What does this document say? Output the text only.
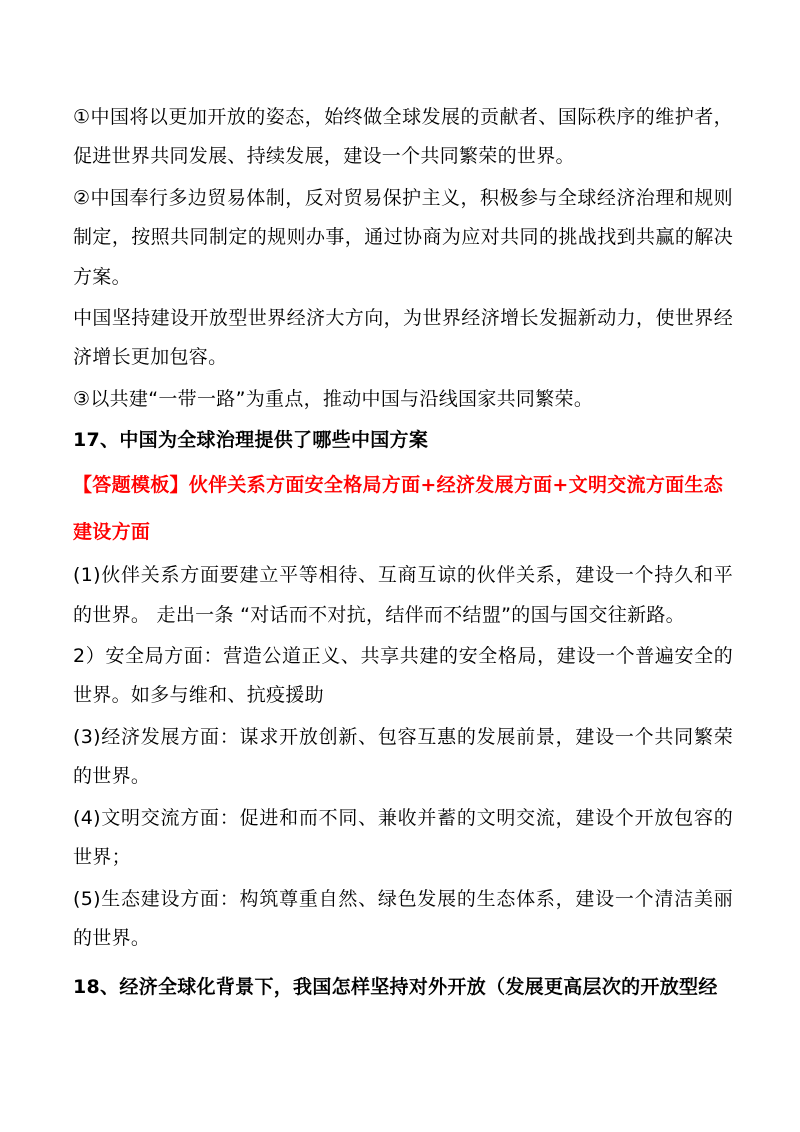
①中国将以更加开放的姿态，始终做全球发展的贡献者、国际秩序的维护者，促进世界共同发展、持续发展，建设一个共同繁荣的世界。

②中国奉行多边贸易体制，反对贸易保护主义，积极参与全球经济治理和规则制定，按照共同制定的规则办事，通过协商为应对共同的挑战找到共赢的解决方案。

中国坚持建设开放型世界经济大方向，为世界经济增长发掘新动力，使世界经济增长更加包容。

③以共建“一带一路”为重点，推动中国与沿线国家共同繁荣。

17、中国为全球治理提供了哪些中国方案

【答题模板】伙伴关系方面安全格局方面+经济发展方面+文明交流方面生态建设方面

(1)伙伴关系方面要建立平等相待、互商互谅的伙伴关系，建设一个持久和平的世界。 走出一条 “对话而不对抗，结伴而不结盟”的国与国交往新路。

2）安全局方面：营造公道正义、共享共建的安全格局，建设一个普遍安全的世界。如多与维和、抗疫援助

(3)经济发展方面：谋求开放创新、包容互惠的发展前景，建设一个共同繁荣的世界。

(4)文明交流方面：促进和而不同、兼收并蓄的文明交流，建设个开放包容的世界；

(5)生态建设方面：构筑尊重自然、绿色发展的生态体系，建设一个清洁美丽的世界。

18、经济全球化背景下，我国怎样坚持对外开放（发展更高层次的开放型经
